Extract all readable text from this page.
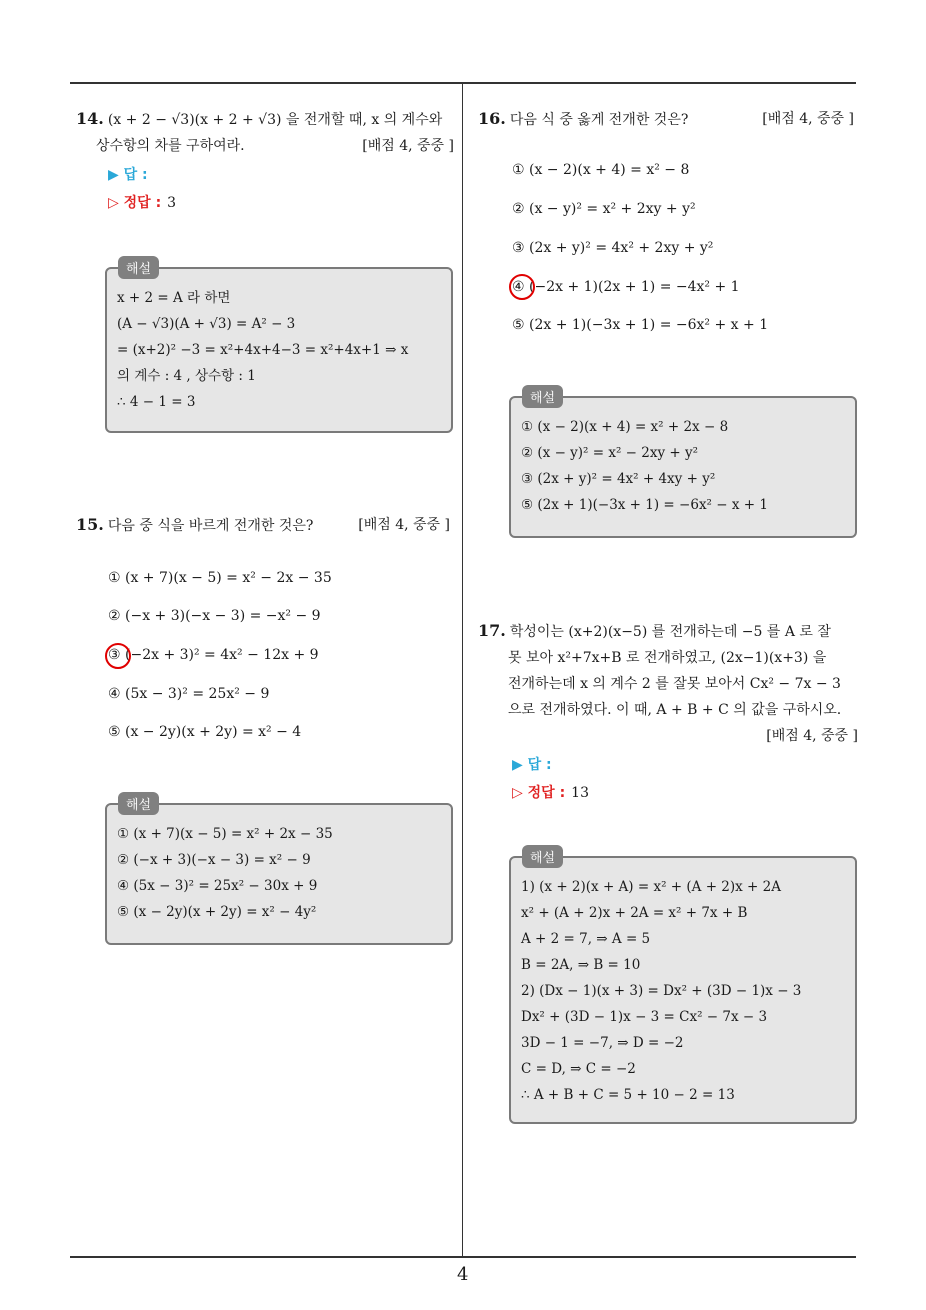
4
14. (x + 2 − √3)(x + 2 + √3) 을 전개할 때, x 의 계수와
상수항의 차를 구하여라.	[배점 4, 중중 ]
▶ 답 :
▷ 정답 : 3
해설
x + 2 = A 라 하면
(A − √3)(A + √3) = A² − 3
= (x+2)² −3 = x²+4x+4−3 = x²+4x+1 ⇒ x
의 계수 : 4 , 상수항 : 1
∴ 4 − 1 = 3
15. 다음 중 식을 바르게 전개한 것은?	[배점 4, 중중 ]
① (x + 7)(x − 5) = x² − 2x − 35
② (−x + 3)(−x − 3) = −x² − 9
③ (−2x + 3)² = 4x² − 12x + 9
④ (5x − 3)² = 25x² − 9
⑤ (x − 2y)(x + 2y) = x² − 4
해설
① (x + 7)(x − 5) = x² + 2x − 35
② (−x + 3)(−x − 3) = x² − 9
④ (5x − 3)² = 25x² − 30x + 9
⑤ (x − 2y)(x + 2y) = x² − 4y²
16. 다음 식 중 옳게 전개한 것은?	[배점 4, 중중 ]
① (x − 2)(x + 4) = x² − 8
② (x − y)² = x² + 2xy + y²
③ (2x + y)² = 4x² + 2xy + y²
④ (−2x + 1)(2x + 1) = −4x² + 1
⑤ (2x + 1)(−3x + 1) = −6x² + x + 1
해설
① (x − 2)(x + 4) = x² + 2x − 8
② (x − y)² = x² − 2xy + y²
③ (2x + y)² = 4x² + 4xy + y²
⑤ (2x + 1)(−3x + 1) = −6x² − x + 1
17. 학성이는 (x+2)(x−5) 를 전개하는데 −5 를 A 로 잘
못 보아 x²+7x+B 로 전개하였고, (2x−1)(x+3) 을
전개하는데 x 의 계수 2 를 잘못 보아서 Cx² − 7x − 3
으로 전개하였다. 이 때, A + B + C 의 값을 구하시오.
[배점 4, 중중 ]
▶ 답 :
▷ 정답 : 13
해설
1) (x + 2)(x + A) = x² + (A + 2)x + 2A
x² + (A + 2)x + 2A = x² + 7x + B
A + 2 = 7, ⇒ A = 5
B = 2A, ⇒ B = 10
2) (Dx − 1)(x + 3) = Dx² + (3D − 1)x − 3
Dx² + (3D − 1)x − 3 = Cx² − 7x − 3
3D − 1 = −7, ⇒ D = −2
C = D, ⇒ C = −2
∴ A + B + C = 5 + 10 − 2 = 13
